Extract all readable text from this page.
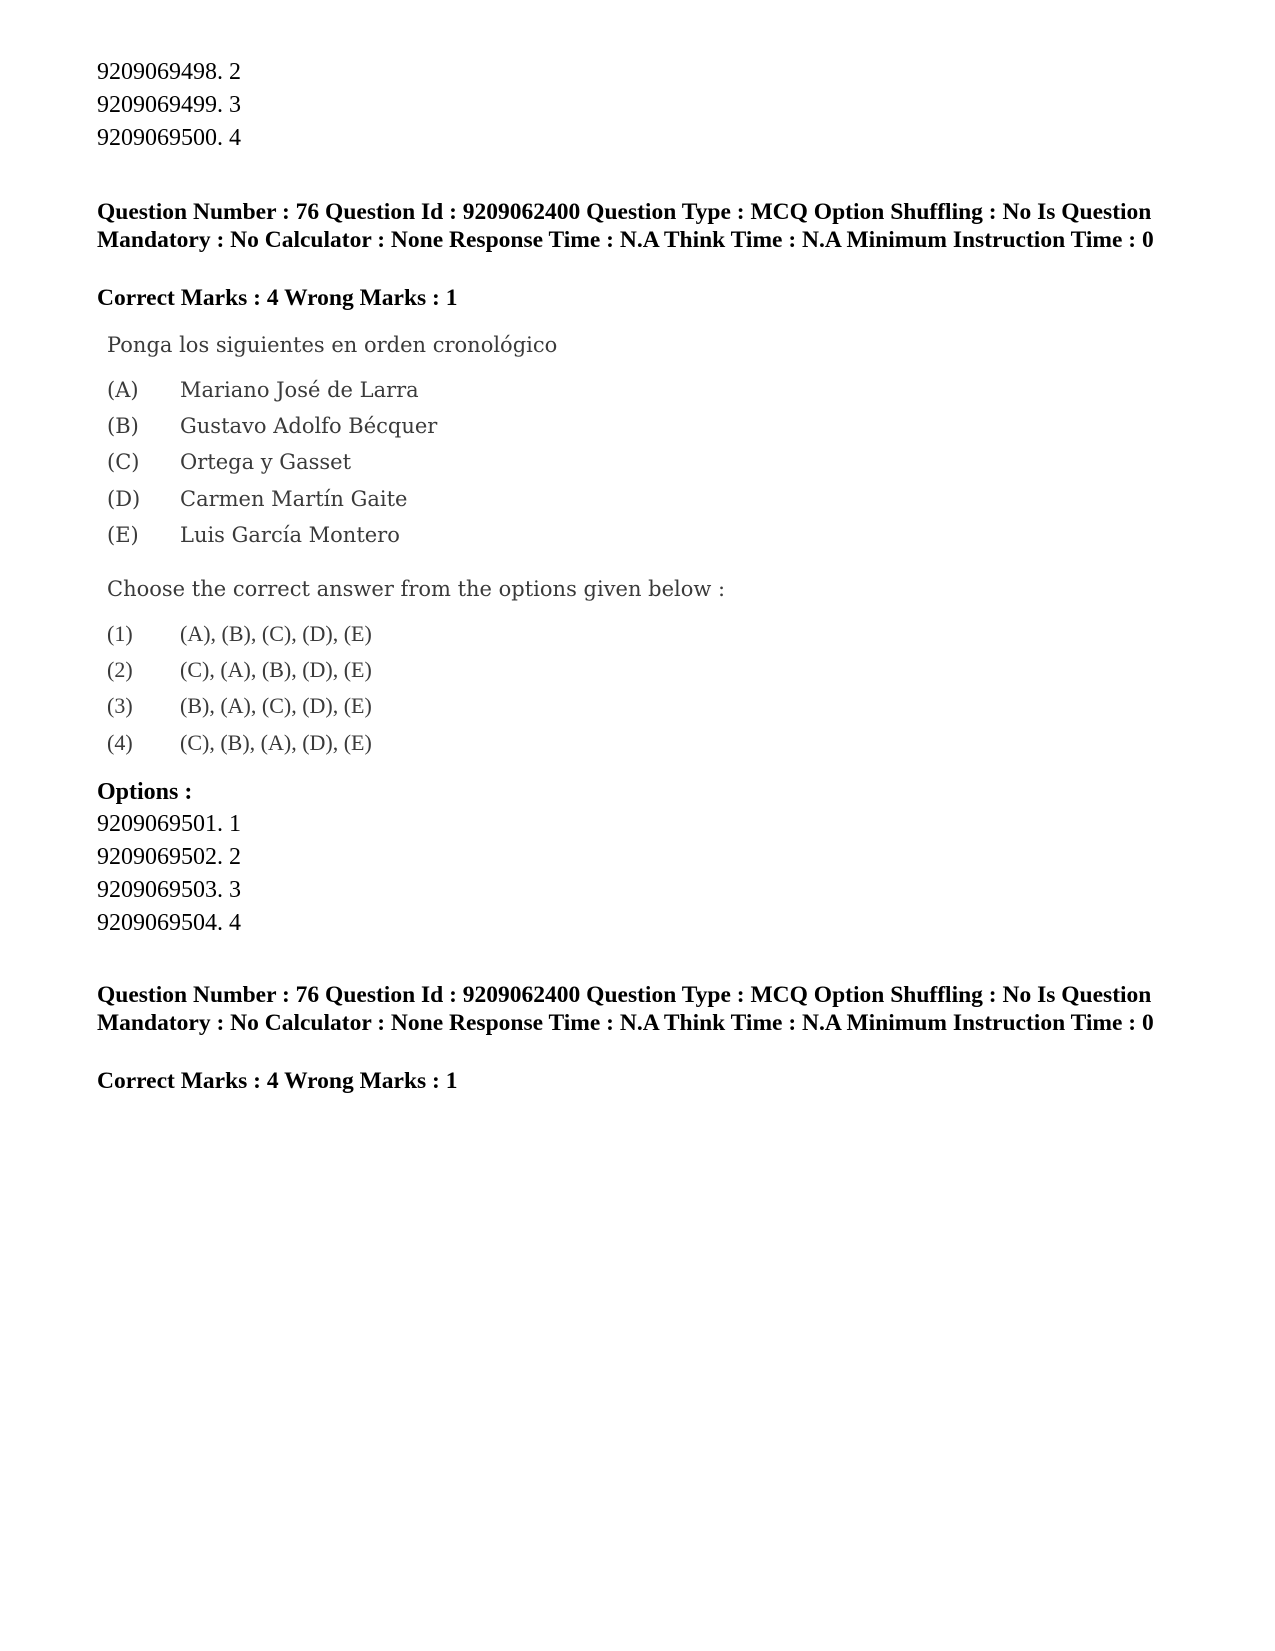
9209069498. 2
9209069499. 3
9209069500. 4
Question Number : 76 Question Id : 9209062400 Question Type : MCQ Option Shuffling : No Is Question Mandatory : No Calculator : None Response Time : N.A Think Time : N.A Minimum Instruction Time : 0
Correct Marks : 4 Wrong Marks : 1
Ponga los siguientes en orden cronológico
(A) Mariano José de Larra
(B) Gustavo Adolfo Bécquer
(C) Ortega y Gasset
(D) Carmen Martín Gaite
(E) Luis García Montero
Choose the correct answer from the options given below :
(1) (A), (B), (C), (D), (E)
(2) (C), (A), (B), (D), (E)
(3) (B), (A), (C), (D), (E)
(4) (C), (B), (A), (D), (E)
Options :
9209069501. 1
9209069502. 2
9209069503. 3
9209069504. 4
Question Number : 76 Question Id : 9209062400 Question Type : MCQ Option Shuffling : No Is Question Mandatory : No Calculator : None Response Time : N.A Think Time : N.A Minimum Instruction Time : 0
Correct Marks : 4 Wrong Marks : 1
